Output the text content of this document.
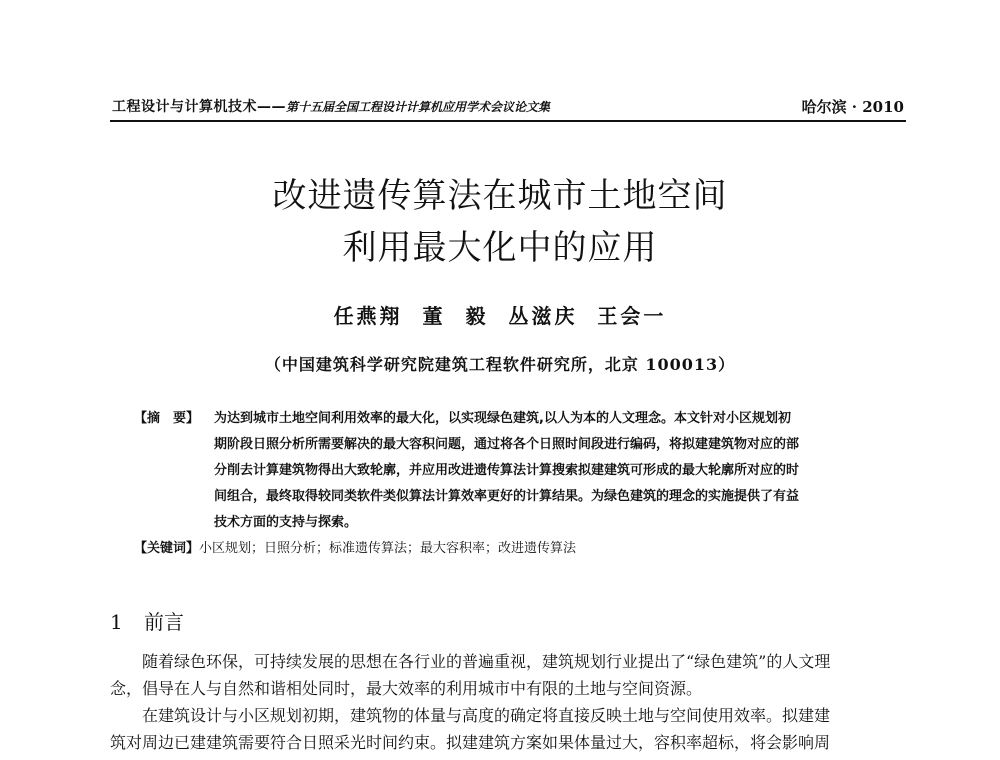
工程设计与计算机技术——第十五届全国工程设计计算机应用学术会议论文集	哈尔滨 · 2010
改进遗传算法在城市土地空间
利用最大化中的应用
任燕翔 董 毅 丛滋庆 王会一
（中国建筑科学研究院建筑工程软件研究所，北京 100013）
【摘　要】 为达到城市土地空间利用效率的最大化，以实现绿色建筑,以人为本的人文理念。本文针对小区规划初
期阶段日照分析所需要解决的最大容积问题，通过将各个日照时间段进行编码，将拟建建筑物对应的部
分削去计算建筑物得出大致轮廓，并应用改进遗传算法计算搜索拟建建筑可形成的最大轮廓所对应的时
间组合，最终取得较同类软件类似算法计算效率更好的计算结果。为绿色建筑的理念的实施提供了有益
技术方面的支持与探索。
【关键词】小区规划；日照分析；标准遗传算法；最大容积率；改进遗传算法
1 前言
随着绿色环保，可持续发展的思想在各行业的普遍重视，建筑规划行业提出了“绿色建筑”的人文理
念，倡导在人与自然和谐相处同时，最大效率的利用城市中有限的土地与空间资源。
在建筑设计与小区规划初期，建筑物的体量与高度的确定将直接反映土地与空间使用效率。拟建建
筑对周边已建建筑需要符合日照采光时间约束。拟建建筑方案如果体量过大，容积率超标，将会影响周
